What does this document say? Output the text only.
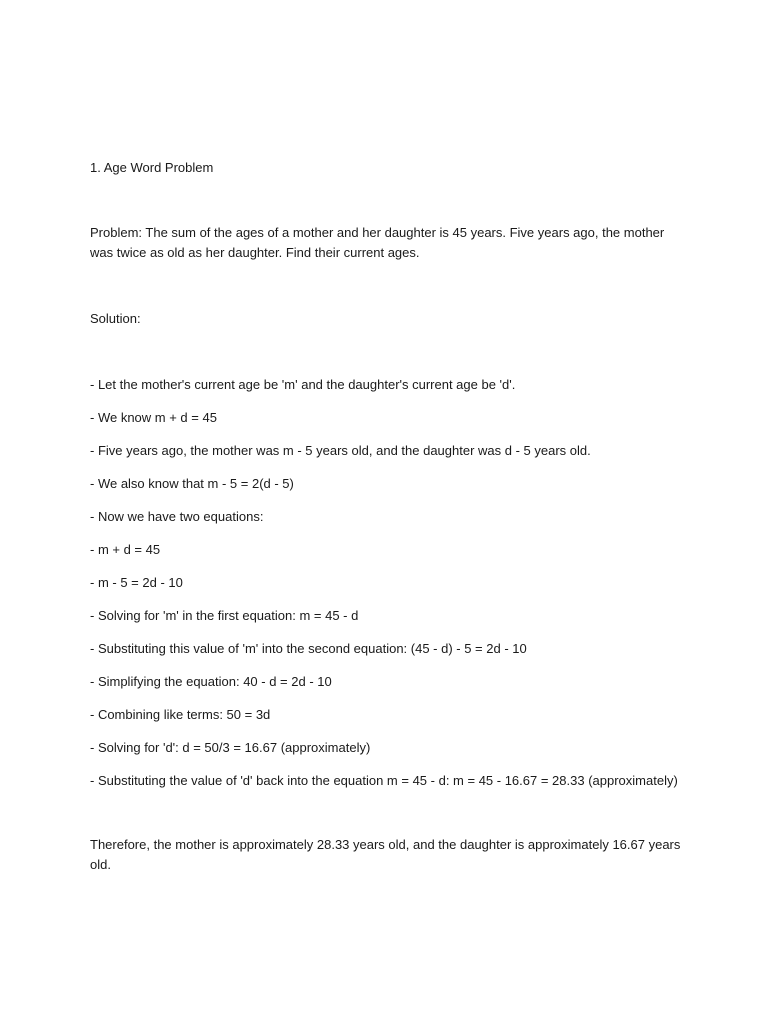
1. Age Word Problem

Problem: The sum of the ages of a mother and her daughter is 45 years. Five years ago, the mother was twice as old as her daughter. Find their current ages.

Solution:

- Let the mother's current age be 'm' and the daughter's current age be 'd'.
- We know m + d = 45
- Five years ago, the mother was m - 5 years old, and the daughter was d - 5 years old.
- We also know that m - 5 = 2(d - 5)
- Now we have two equations:
- m + d = 45
- m - 5 = 2d - 10
- Solving for 'm' in the first equation: m = 45 - d
- Substituting this value of 'm' into the second equation: (45 - d) - 5 = 2d - 10
- Simplifying the equation: 40 - d = 2d - 10
- Combining like terms: 50 = 3d
- Solving for 'd': d = 50/3 = 16.67 (approximately)
- Substituting the value of 'd' back into the equation m = 45 - d: m = 45 - 16.67 = 28.33 (approximately)

Therefore, the mother is approximately 28.33 years old, and the daughter is approximately 16.67 years old.
